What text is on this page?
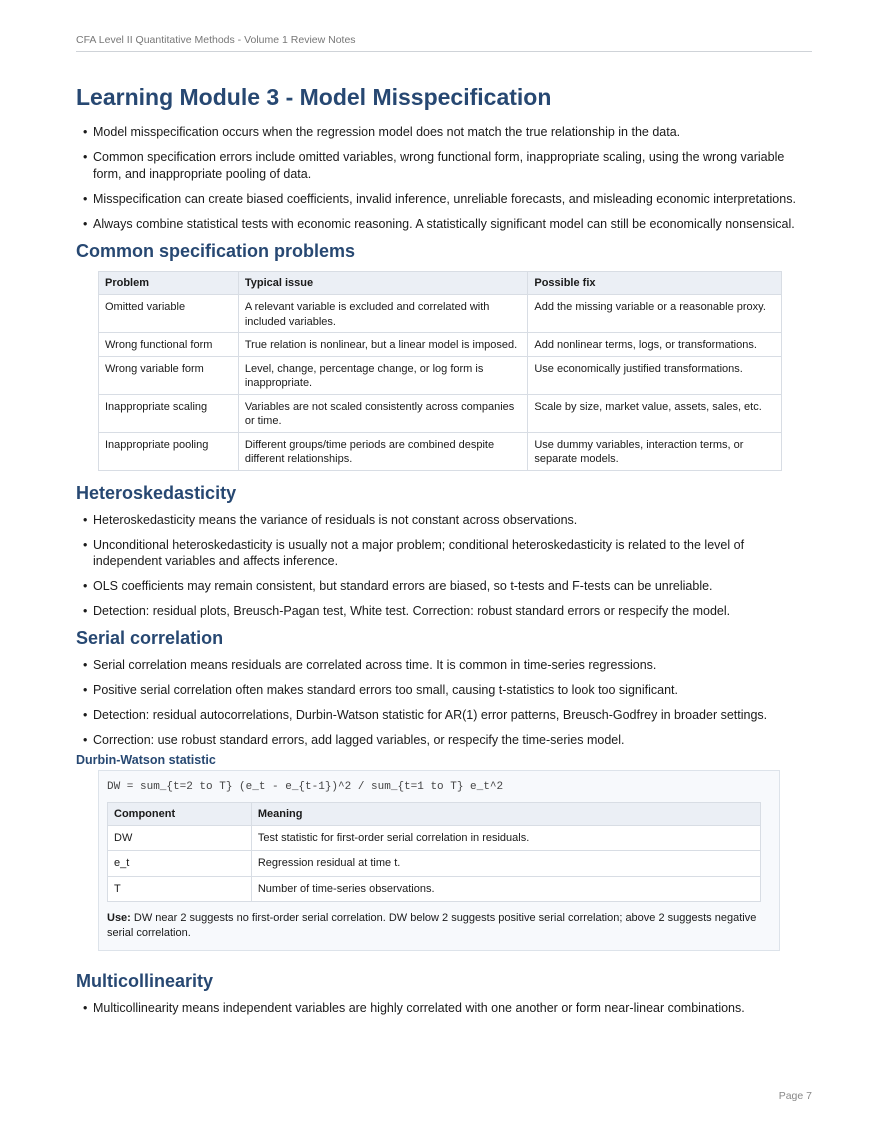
CFA Level II Quantitative Methods - Volume 1 Review Notes
Learning Module 3 - Model Misspecification
• Model misspecification occurs when the regression model does not match the true relationship in the data.
• Common specification errors include omitted variables, wrong functional form, inappropriate scaling, using the wrong variable form, and inappropriate pooling of data.
• Misspecification can create biased coefficients, invalid inference, unreliable forecasts, and misleading economic interpretations.
• Always combine statistical tests with economic reasoning. A statistically significant model can still be economically nonsensical.
Common specification problems
Problem	Typical issue	Possible fix
Omitted variable	A relevant variable is excluded and correlated with included variables.	Add the missing variable or a reasonable proxy.
Wrong functional form	True relation is nonlinear, but a linear model is imposed.	Add nonlinear terms, logs, or transformations.
Wrong variable form	Level, change, percentage change, or log form is inappropriate.	Use economically justified transformations.
Inappropriate scaling	Variables are not scaled consistently across companies or time.	Scale by size, market value, assets, sales, etc.
Inappropriate pooling	Different groups/time periods are combined despite different relationships.	Use dummy variables, interaction terms, or separate models.
Heteroskedasticity
• Heteroskedasticity means the variance of residuals is not constant across observations.
• Unconditional heteroskedasticity is usually not a major problem; conditional heteroskedasticity is related to the level of independent variables and affects inference.
• OLS coefficients may remain consistent, but standard errors are biased, so t-tests and F-tests can be unreliable.
• Detection: residual plots, Breusch-Pagan test, White test. Correction: robust standard errors or respecify the model.
Serial correlation
• Serial correlation means residuals are correlated across time. It is common in time-series regressions.
• Positive serial correlation often makes standard errors too small, causing t-statistics to look too significant.
• Detection: residual autocorrelations, Durbin-Watson statistic for AR(1) error patterns, Breusch-Godfrey in broader settings.
• Correction: use robust standard errors, add lagged variables, or respecify the time-series model.
Durbin-Watson statistic
DW = sum_{t=2 to T} (e_t - e_{t-1})^2 / sum_{t=1 to T} e_t^2
Component	Meaning
DW	Test statistic for first-order serial correlation in residuals.
e_t	Regression residual at time t.
T	Number of time-series observations.
Use: DW near 2 suggests no first-order serial correlation. DW below 2 suggests positive serial correlation; above 2 suggests negative serial correlation.
Multicollinearity
• Multicollinearity means independent variables are highly correlated with one another or form near-linear combinations.
Page 7
